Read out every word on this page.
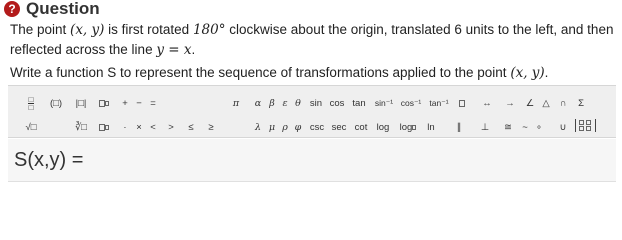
? Question
The point (x, y) is first rotated 180° clockwise about the origin, translated 6 units to the left, and then reflected across the line y = x.
Write a function S to represent the sequence of transformations applied to the point (x, y).
$\frac{□}{□}$	(□)	|□|	+ − =	π α β ε θ sin cos tan	sin⁻¹ cos⁻¹ tan⁻¹	↔	→	∠ △	∩	Σ
√□	∛□	·	× < > ≤ ≥	λ μ ρ φ csc sec cot log log	ln	∥	⊥	≅	~ ∘ ∪
S(x,y) =
